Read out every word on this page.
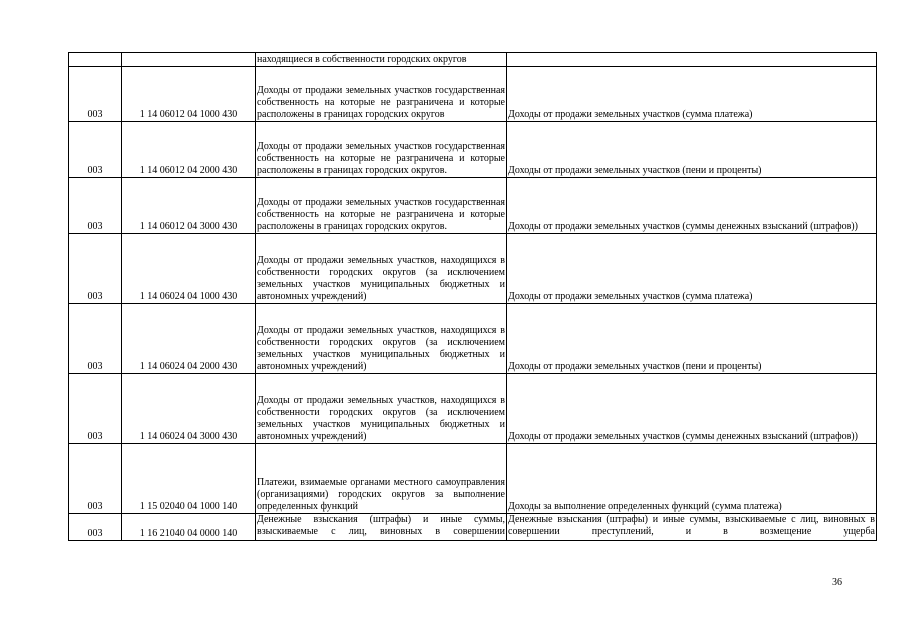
		находящиеся в собственности городских округов	
003	1 14 06012 04 1000 430	Доходы от продажи земельных участков государственная собственность на которые не разграничена и которые расположены в границах городских округов	Доходы от продажи земельных участков (сумма платежа)
003	1 14 06012 04 2000 430	Доходы от продажи земельных участков государственная собственность на которые не разграничена и которые расположены в границах городских округов.	Доходы от продажи земельных участков (пени и проценты)
003	1 14 06012 04 3000 430	Доходы от продажи земельных участков государственная собственность на которые не разграничена и которые расположены в границах городских округов.	Доходы от продажи земельных участков (суммы денежных взысканий (штрафов))
003	1 14 06024 04 1000 430	Доходы от продажи земельных участков, находящихся в собственности городских округов (за исключением земельных участков муниципальных бюджетных и автономных учреждений)	Доходы от продажи земельных участков (сумма платежа)
003	1 14 06024 04 2000 430	Доходы от продажи земельных участков, находящихся в собственности городских округов (за исключением земельных участков муниципальных бюджетных и автономных учреждений)	Доходы от продажи земельных участков (пени и проценты)
003	1 14 06024 04 3000 430	Доходы от продажи земельных участков, находящихся в собственности городских округов (за исключением земельных участков муниципальных бюджетных и автономных учреждений)	Доходы от продажи земельных участков (суммы денежных взысканий (штрафов))
003	1 15 02040 04 1000 140	Платежи, взимаемые органами местного самоуправления (организациями) городских округов за выполнение определенных функций	Доходы за выполнение определенных функций (сумма платежа)
003	1 16 21040 04 0000 140	Денежные взыскания (штрафы) и иные суммы, взыскиваемые с лиц, виновных в совершении	Денежные взыскания (штрафы) и иные суммы, взыскиваемые с лиц, виновных в совершении преступлений, и в возмещение ущерба
36
